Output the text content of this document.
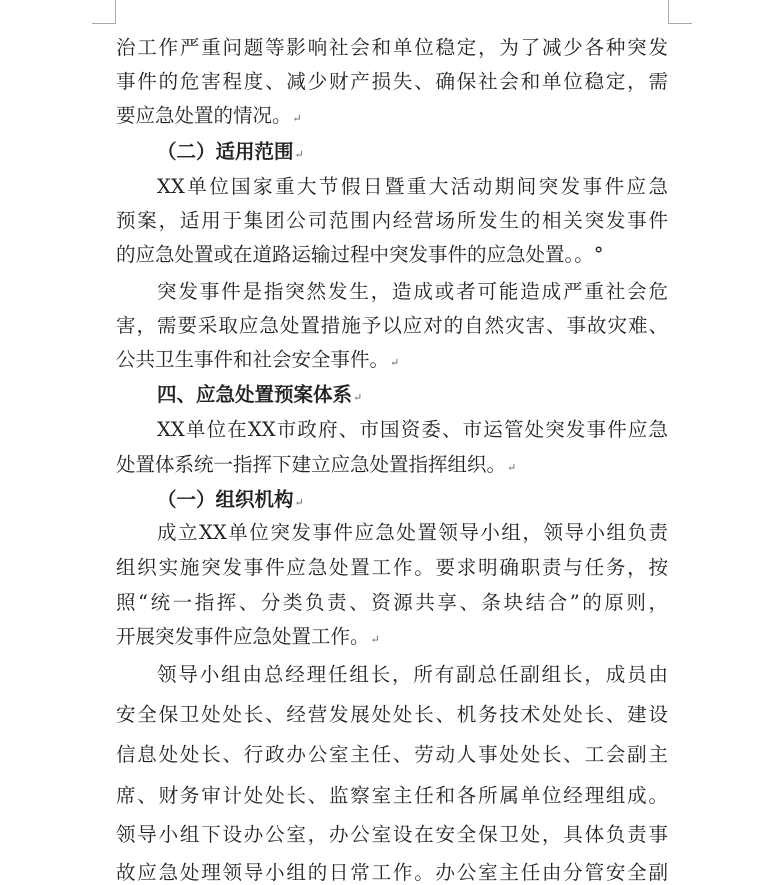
治工作严重问题等影响社会和单位稳定，为了减少各种突发
事件的危害程度、减少财产损失、确保社会和单位稳定，需
要应急处置的情况。↵
（二）适用范围↵
XX单位国家重大节假日暨重大活动期间突发事件应急
预案，适用于集团公司范围内经营场所发生的相关突发事件
的应急处置或在道路运输过程中突发事件的应急处置。。°
突发事件是指突然发生，造成或者可能造成严重社会危
害，需要采取应急处置措施予以应对的自然灾害、事故灾难、
公共卫生事件和社会安全事件。↵
四、应急处置预案体系↵
XX单位在XX市政府、市国资委、市运管处突发事件应急
处置体系统一指挥下建立应急处置指挥组织。↵
（一）组织机构↵
成立XX单位突发事件应急处置领导小组，领导小组负责
组织实施突发事件应急处置工作。要求明确职责与任务，按
照“统一指挥、分类负责、资源共享、条块结合”的原则，
开展突发事件应急处置工作。↵
领导小组由总经理任组长，所有副总任副组长，成员由
安全保卫处处长、经营发展处处长、机务技术处处长、建设
信息处处长、行政办公室主任、劳动人事处处长、工会副主
席、财务审计处处长、监察室主任和各所属单位经理组成。
领导小组下设办公室，办公室设在安全保卫处，具体负责事
故应急处理领导小组的日常工作。办公室主任由分管安全副
